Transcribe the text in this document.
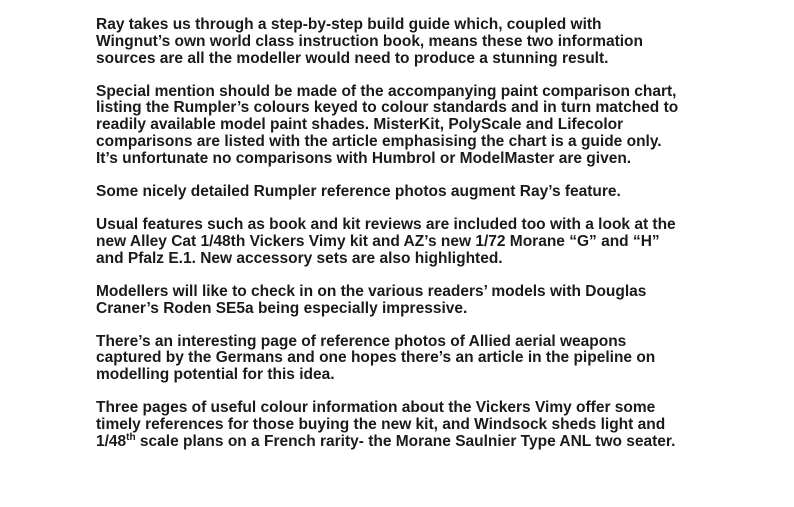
Ray takes us through a step-by-step build guide which, coupled with
Wingnut’s own world class instruction book, means these two information
sources are all the modeller would need to produce a stunning result.

Special mention should be made of the accompanying paint comparison chart,
listing the Rumpler’s colours keyed to colour standards and in turn matched to
readily available model paint shades. MisterKit, PolyScale and Lifecolor
comparisons are listed with the article emphasising the chart is a guide only.
It’s unfortunate no comparisons with Humbrol or ModelMaster are given.

Some nicely detailed Rumpler reference photos augment Ray’s feature.

Usual features such as book and kit reviews are included too with a look at the
new Alley Cat 1/48th Vickers Vimy kit and AZ’s new 1/72 Morane “G” and “H”
and Pfalz E.1. New accessory sets are also highlighted.

Modellers will like to check in on the various readers’ models with Douglas
Craner’s Roden SE5a being especially impressive.

There’s an interesting page of reference photos of Allied aerial weapons
captured by the Germans and one hopes there’s an article in the pipeline on
modelling potential for this idea.

Three pages of useful colour information about the Vickers Vimy offer some
timely references for those buying the new kit, and Windsock sheds light and
1/48th scale plans on a French rarity- the Morane Saulnier Type ANL two seater.
